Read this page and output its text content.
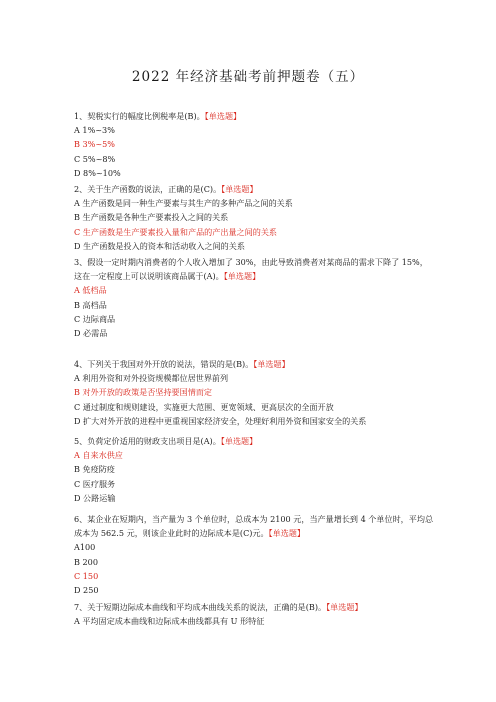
2022 年经济基础考前押题卷（五）
1、契税实行的幅度比例税率是(B)。【单选题】
A 1%~3%
B 3%~5%
C 5%~8%
D 8%~10%
2、关于生产函数的说法，正确的是(C)。【单选题】
A 生产函数是同一种生产要素与其生产的多种产品之间的关系
B 生产函数是各种生产要素投入之间的关系
C 生产函数是生产要素投入量和产品的产出量之间的关系
D 生产函数是投入的资本和活动收入之间的关系
3、假设一定时期内消费者的个人收入增加了 30%，由此导致消费者对某商品的需求下降了 15%，这在一定程度上可以说明该商品属于(A)。【单选题】
A 低档品
B 高档品
C 边际商品
D 必需品
4、下列关于我国对外开放的说法，错误的是(B)。【单选题】
A 利用外资和对外投资规模都位居世界前列
B 对外开放的政策是否坚持要国情而定
C 通过制度和规则建设，实施更大范围、更宽领域、更高层次的全面开放
D 扩大对外开放的进程中更重视国家经济安全，处理好利用外资和国家安全的关系
5、负荷定价适用的财政支出项目是(A)。【单选题】
A 自来水供应
B 免疫防疫
C 医疗服务
D 公路运输
6、某企业在短期内，当产量为 3 个单位时，总成本为 2100 元，当产量增长到 4 个单位时，平均总成本为 562.5 元，则该企业此时的边际成本是(C)元。【单选题】
A100
B 200
C 150
D 250
7、关于短期边际成本曲线和平均成本曲线关系的说法，正确的是(B)。【单选题】
A 平均固定成本曲线和边际成本曲线都具有 U 形特征
